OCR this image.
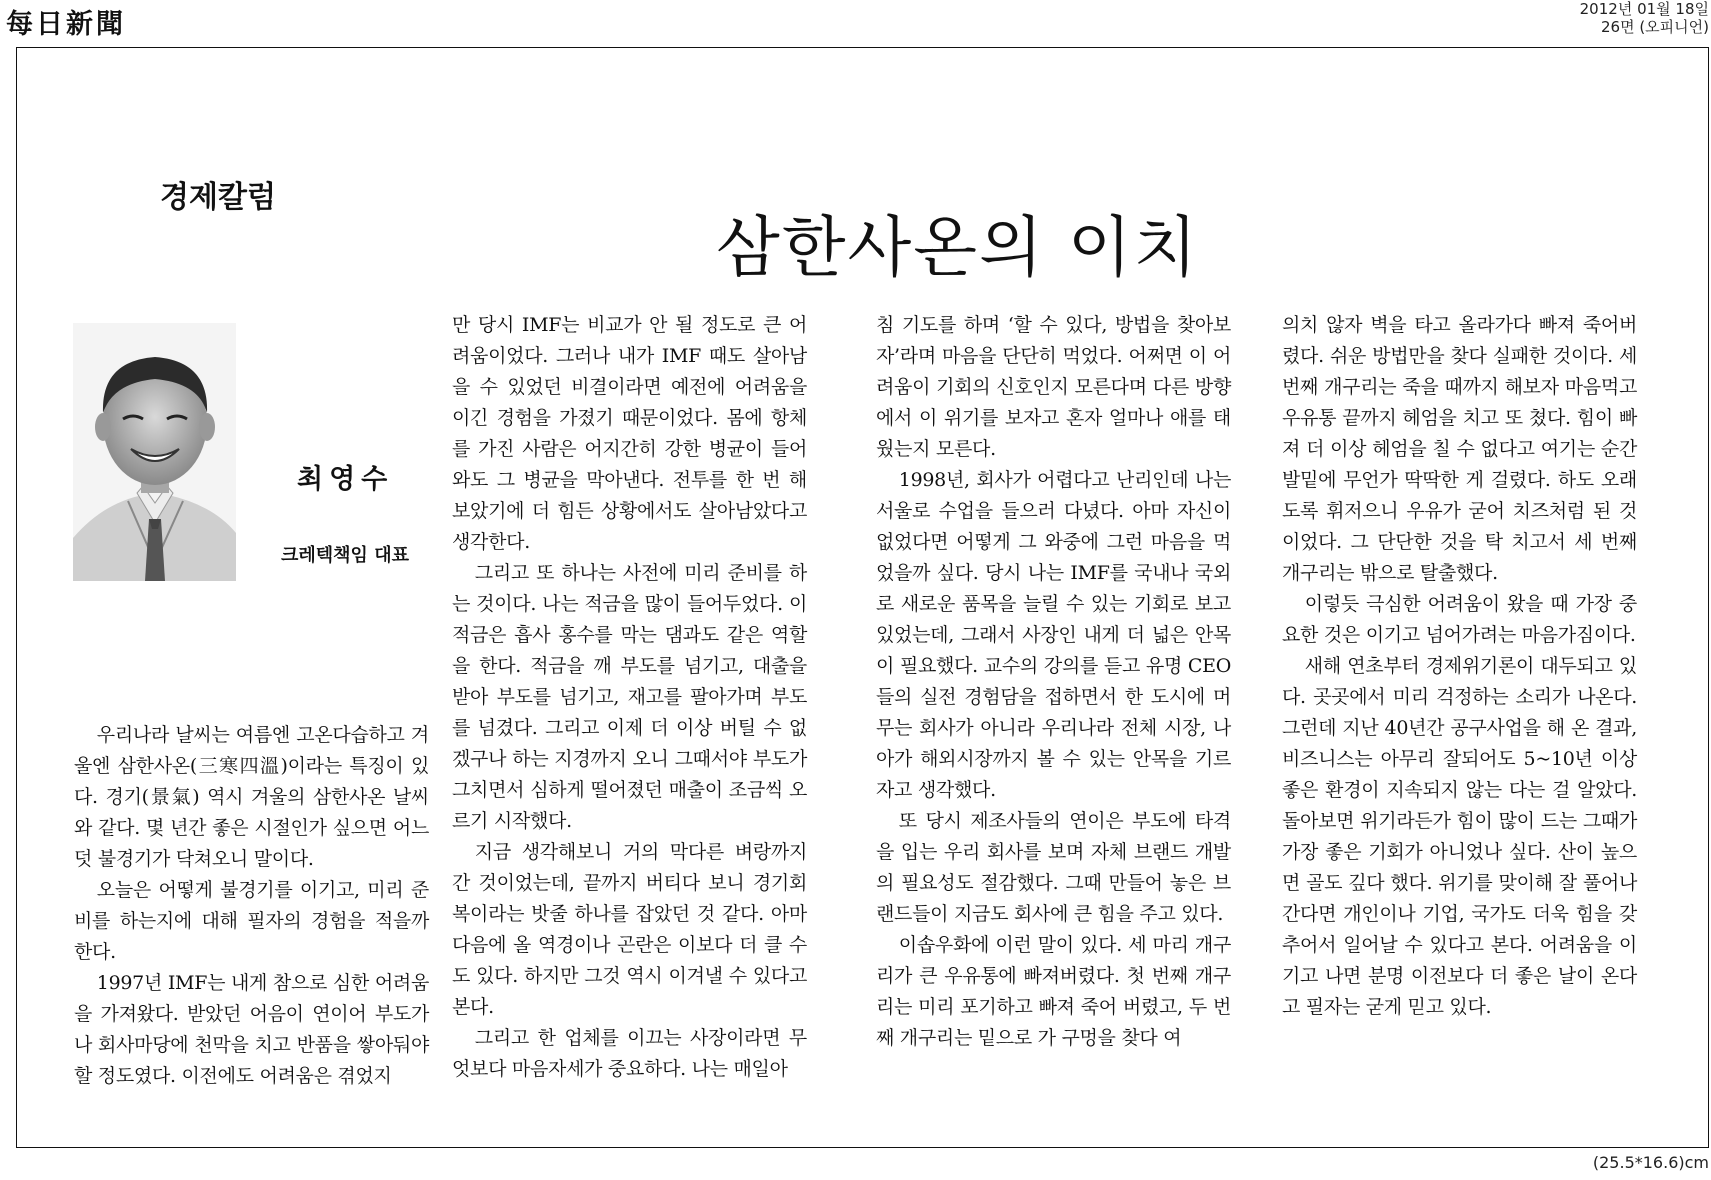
每日新聞	2012년 01월 18일
26면 (오피니언)
경제칼럼
삼한사온의 이치
최영수
크레텍책임 대표

우리나라 날씨는 여름엔 고온다습하고 겨울엔 삼한사온(三寒四溫)이라는 특징이 있다. 경기(景氣) 역시 겨울의 삼한사온 날씨와 같다. 몇 년간 좋은 시절인가 싶으면 어느덧 불경기가 닥쳐오니 말이다.

오늘은 어떻게 불경기를 이기고, 미리 준비를 하는지에 대해 필자의 경험을 적을까 한다.

1997년 IMF는 내게 참으로 심한 어려움을 가져왔다. 받았던 어음이 연이어 부도가 나 회사마당에 천막을 치고 반품을 쌓아둬야 할 정도였다. 이전에도 어려움은 겪었지

만 당시 IMF는 비교가 안 될 정도로 큰 어려움이었다. 그러나 내가 IMF 때도 살아남을 수 있었던 비결이라면 예전에 어려움을 이긴 경험을 가졌기 때문이었다. 몸에 항체를 가진 사람은 어지간히 강한 병균이 들어와도 그 병균을 막아낸다. 전투를 한 번 해 보았기에 더 힘든 상황에서도 살아남았다고 생각한다.

그리고 또 하나는 사전에 미리 준비를 하는 것이다. 나는 적금을 많이 들어두었다. 이 적금은 흡사 홍수를 막는 댐과도 같은 역할을 한다. 적금을 깨 부도를 넘기고, 대출을 받아 부도를 넘기고, 재고를 팔아가며 부도를 넘겼다. 그리고 이제 더 이상 버틸 수 없겠구나 하는 지경까지 오니 그때서야 부도가 그치면서 심하게 떨어졌던 매출이 조금씩 오르기 시작했다.

지금 생각해보니 거의 막다른 벼랑까지 간 것이었는데, 끝까지 버티다 보니 경기회복이라는 밧줄 하나를 잡았던 것 같다. 아마 다음에 올 역경이나 곤란은 이보다 더 클 수도 있다. 하지만 그것 역시 이겨낼 수 있다고 본다.

그리고 한 업체를 이끄는 사장이라면 무엇보다 마음자세가 중요하다. 나는 매일아

침 기도를 하며 ‘할 수 있다, 방법을 찾아보자’라며 마음을 단단히 먹었다. 어쩌면 이 어려움이 기회의 신호인지 모른다며 다른 방향에서 이 위기를 보자고 혼자 얼마나 애를 태웠는지 모른다.

1998년, 회사가 어렵다고 난리인데 나는 서울로 수업을 들으러 다녔다. 아마 자신이 없었다면 어떻게 그 와중에 그런 마음을 먹었을까 싶다. 당시 나는 IMF를 국내나 국외로 새로운 품목을 늘릴 수 있는 기회로 보고 있었는데, 그래서 사장인 내게 더 넓은 안목이 필요했다. 교수의 강의를 듣고 유명 CEO들의 실전 경험담을 접하면서 한 도시에 머무는 회사가 아니라 우리나라 전체 시장, 나아가 해외시장까지 볼 수 있는 안목을 기르자고 생각했다.

또 당시 제조사들의 연이은 부도에 타격을 입는 우리 회사를 보며 자체 브랜드 개발의 필요성도 절감했다. 그때 만들어 놓은 브랜드들이 지금도 회사에 큰 힘을 주고 있다.

이솝우화에 이런 말이 있다. 세 마리 개구리가 큰 우유통에 빠져버렸다. 첫 번째 개구리는 미리 포기하고 빠져 죽어 버렸고, 두 번째 개구리는 밑으로 가 구멍을 찾다 여

의치 않자 벽을 타고 올라가다 빠져 죽어버렸다. 쉬운 방법만을 찾다 실패한 것이다. 세 번째 개구리는 죽을 때까지 해보자 마음먹고 우유통 끝까지 헤엄을 치고 또 쳤다. 힘이 빠져 더 이상 헤엄을 칠 수 없다고 여기는 순간 발밑에 무언가 딱딱한 게 걸렸다. 하도 오래도록 휘저으니 우유가 굳어 치즈처럼 된 것이었다. 그 단단한 것을 탁 치고서 세 번째 개구리는 밖으로 탈출했다.

이렇듯 극심한 어려움이 왔을 때 가장 중요한 것은 이기고 넘어가려는 마음가짐이다.

새해 연초부터 경제위기론이 대두되고 있다. 곳곳에서 미리 걱정하는 소리가 나온다. 그런데 지난 40년간 공구사업을 해 온 결과, 비즈니스는 아무리 잘되어도 5~10년 이상 좋은 환경이 지속되지 않는 다는 걸 알았다. 돌아보면 위기라든가 힘이 많이 드는 그때가 가장 좋은 기회가 아니었나 싶다. 산이 높으면 골도 깊다 했다. 위기를 맞이해 잘 풀어나간다면 개인이나 기업, 국가도 더욱 힘을 갖추어서 일어날 수 있다고 본다. 어려움을 이기고 나면 분명 이전보다 더 좋은 날이 온다고 필자는 굳게 믿고 있다.

(25.5*16.6)cm
